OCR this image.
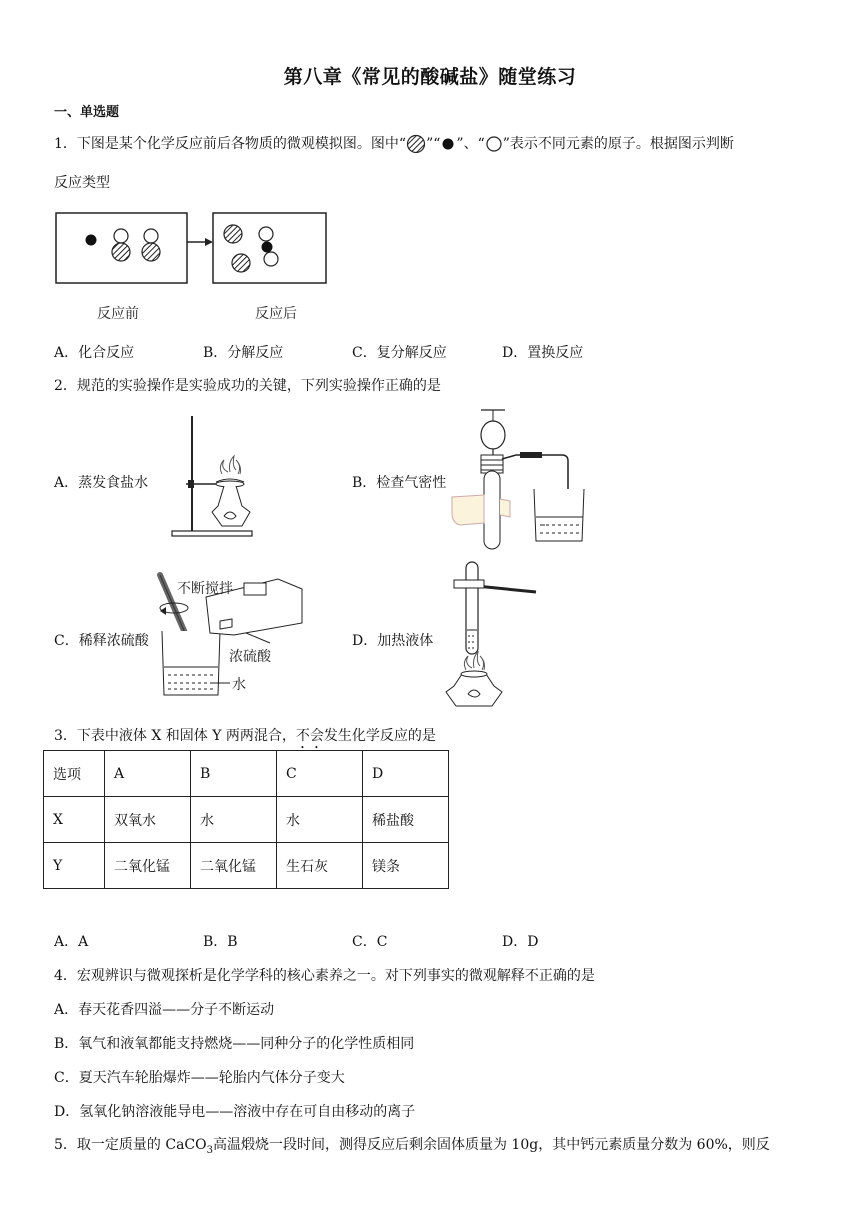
第八章《常见的酸碱盐》随堂练习
一、单选题
1．下图是某个化学反应前后各物质的微观模拟图。图中“ ”“ ”、“ ”表示不同元素的原子。根据图示判断
反应类型
反应前	反应后
A．化合反应	B．分解反应	C．复分解反应	D．置换反应
2．规范的实验操作是实验成功的关键，下列实验操作正确的是
A．蒸发食盐水	B．检查气密性
C．稀释浓硫酸	D．加热液体
不断搅拌
浓硫酸
水
3．下表中液体 X 和固体 Y 两两混合，不会发生化学反应的是
选项	A	B	C	D
X	双氧水	水	水	稀盐酸
Y	二氧化锰	二氧化锰	生石灰	镁条
A．A	B．B	C．C	D．D
4．宏观辨识与微观探析是化学学科的核心素养之一。对下列事实的微观解释不正确的是
A．春天花香四溢——分子不断运动
B．氧气和液氧都能支持燃烧——同种分子的化学性质相同
C．夏天汽车轮胎爆炸——轮胎内气体分子变大
D．氢氧化钠溶液能导电——溶液中存在可自由移动的离子
5．取一定质量的 CaCO$_3$高温煅烧一段时间，测得反应后剩余固体质量为 10g，其中钙元素质量分数为 60%，则反
